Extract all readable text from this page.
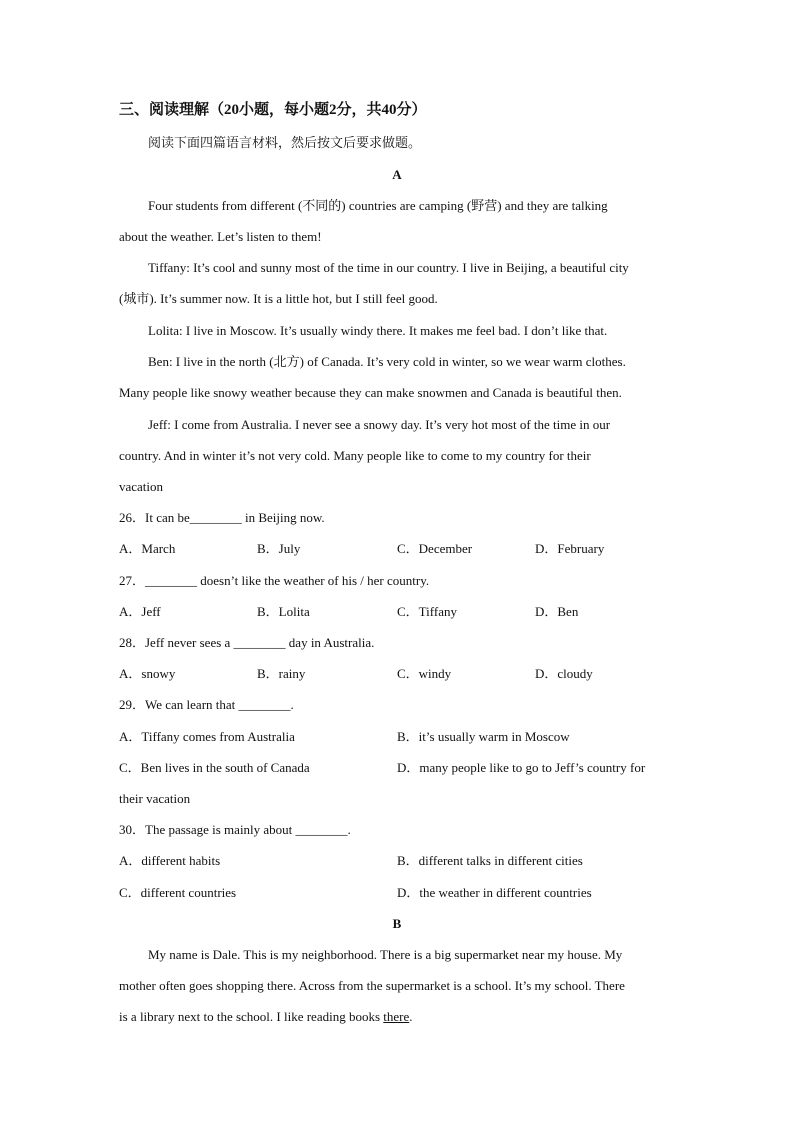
三、阅读理解（20小题，每小题2分，共40分）
阅读下面四篇语言材料，然后按文后要求做题。
A
Four students from different (不同的) countries are camping (野营) and they are talking
about the weather. Let’s listen to them!
Tiffany: It’s cool and sunny most of the time in our country. I live in Beijing, a beautiful city
(城市). It’s summer now. It is a little hot, but I still feel good.
Lolita: I live in Moscow. It’s usually windy there. It makes me feel bad. I don’t like that.
Ben: I live in the north (北方) of Canada. It’s very cold in winter, so we wear warm clothes.
Many people like snowy weather because they can make snowmen and Canada is beautiful then.
Jeff: I come from Australia. I never see a snowy day. It’s very hot most of the time in our
country. And in winter it’s not very cold. Many people like to come to my country for their
vacation
26．It can be________ in Beijing now.
A．March	B．July	C．December	D．February
27．________ doesn’t like the weather of his / her country.
A．Jeff	B．Lolita	C．Tiffany	D．Ben
28．Jeff never sees a ________ day in Australia.
A．snowy	B．rainy	C．windy	D．cloudy
29．We can learn that ________.
A．Tiffany comes from Australia	B．it’s usually warm in Moscow
C．Ben lives in the south of Canada	D．many people like to go to Jeff’s country for
their vacation
30．The passage is mainly about ________.
A．different habits	B．different talks in different cities
C．different countries	D．the weather in different countries
B
My name is Dale. This is my neighborhood. There is a big supermarket near my house. My
mother often goes shopping there. Across from the supermarket is a school. It’s my school. There
is a library next to the school. I like reading books there.
